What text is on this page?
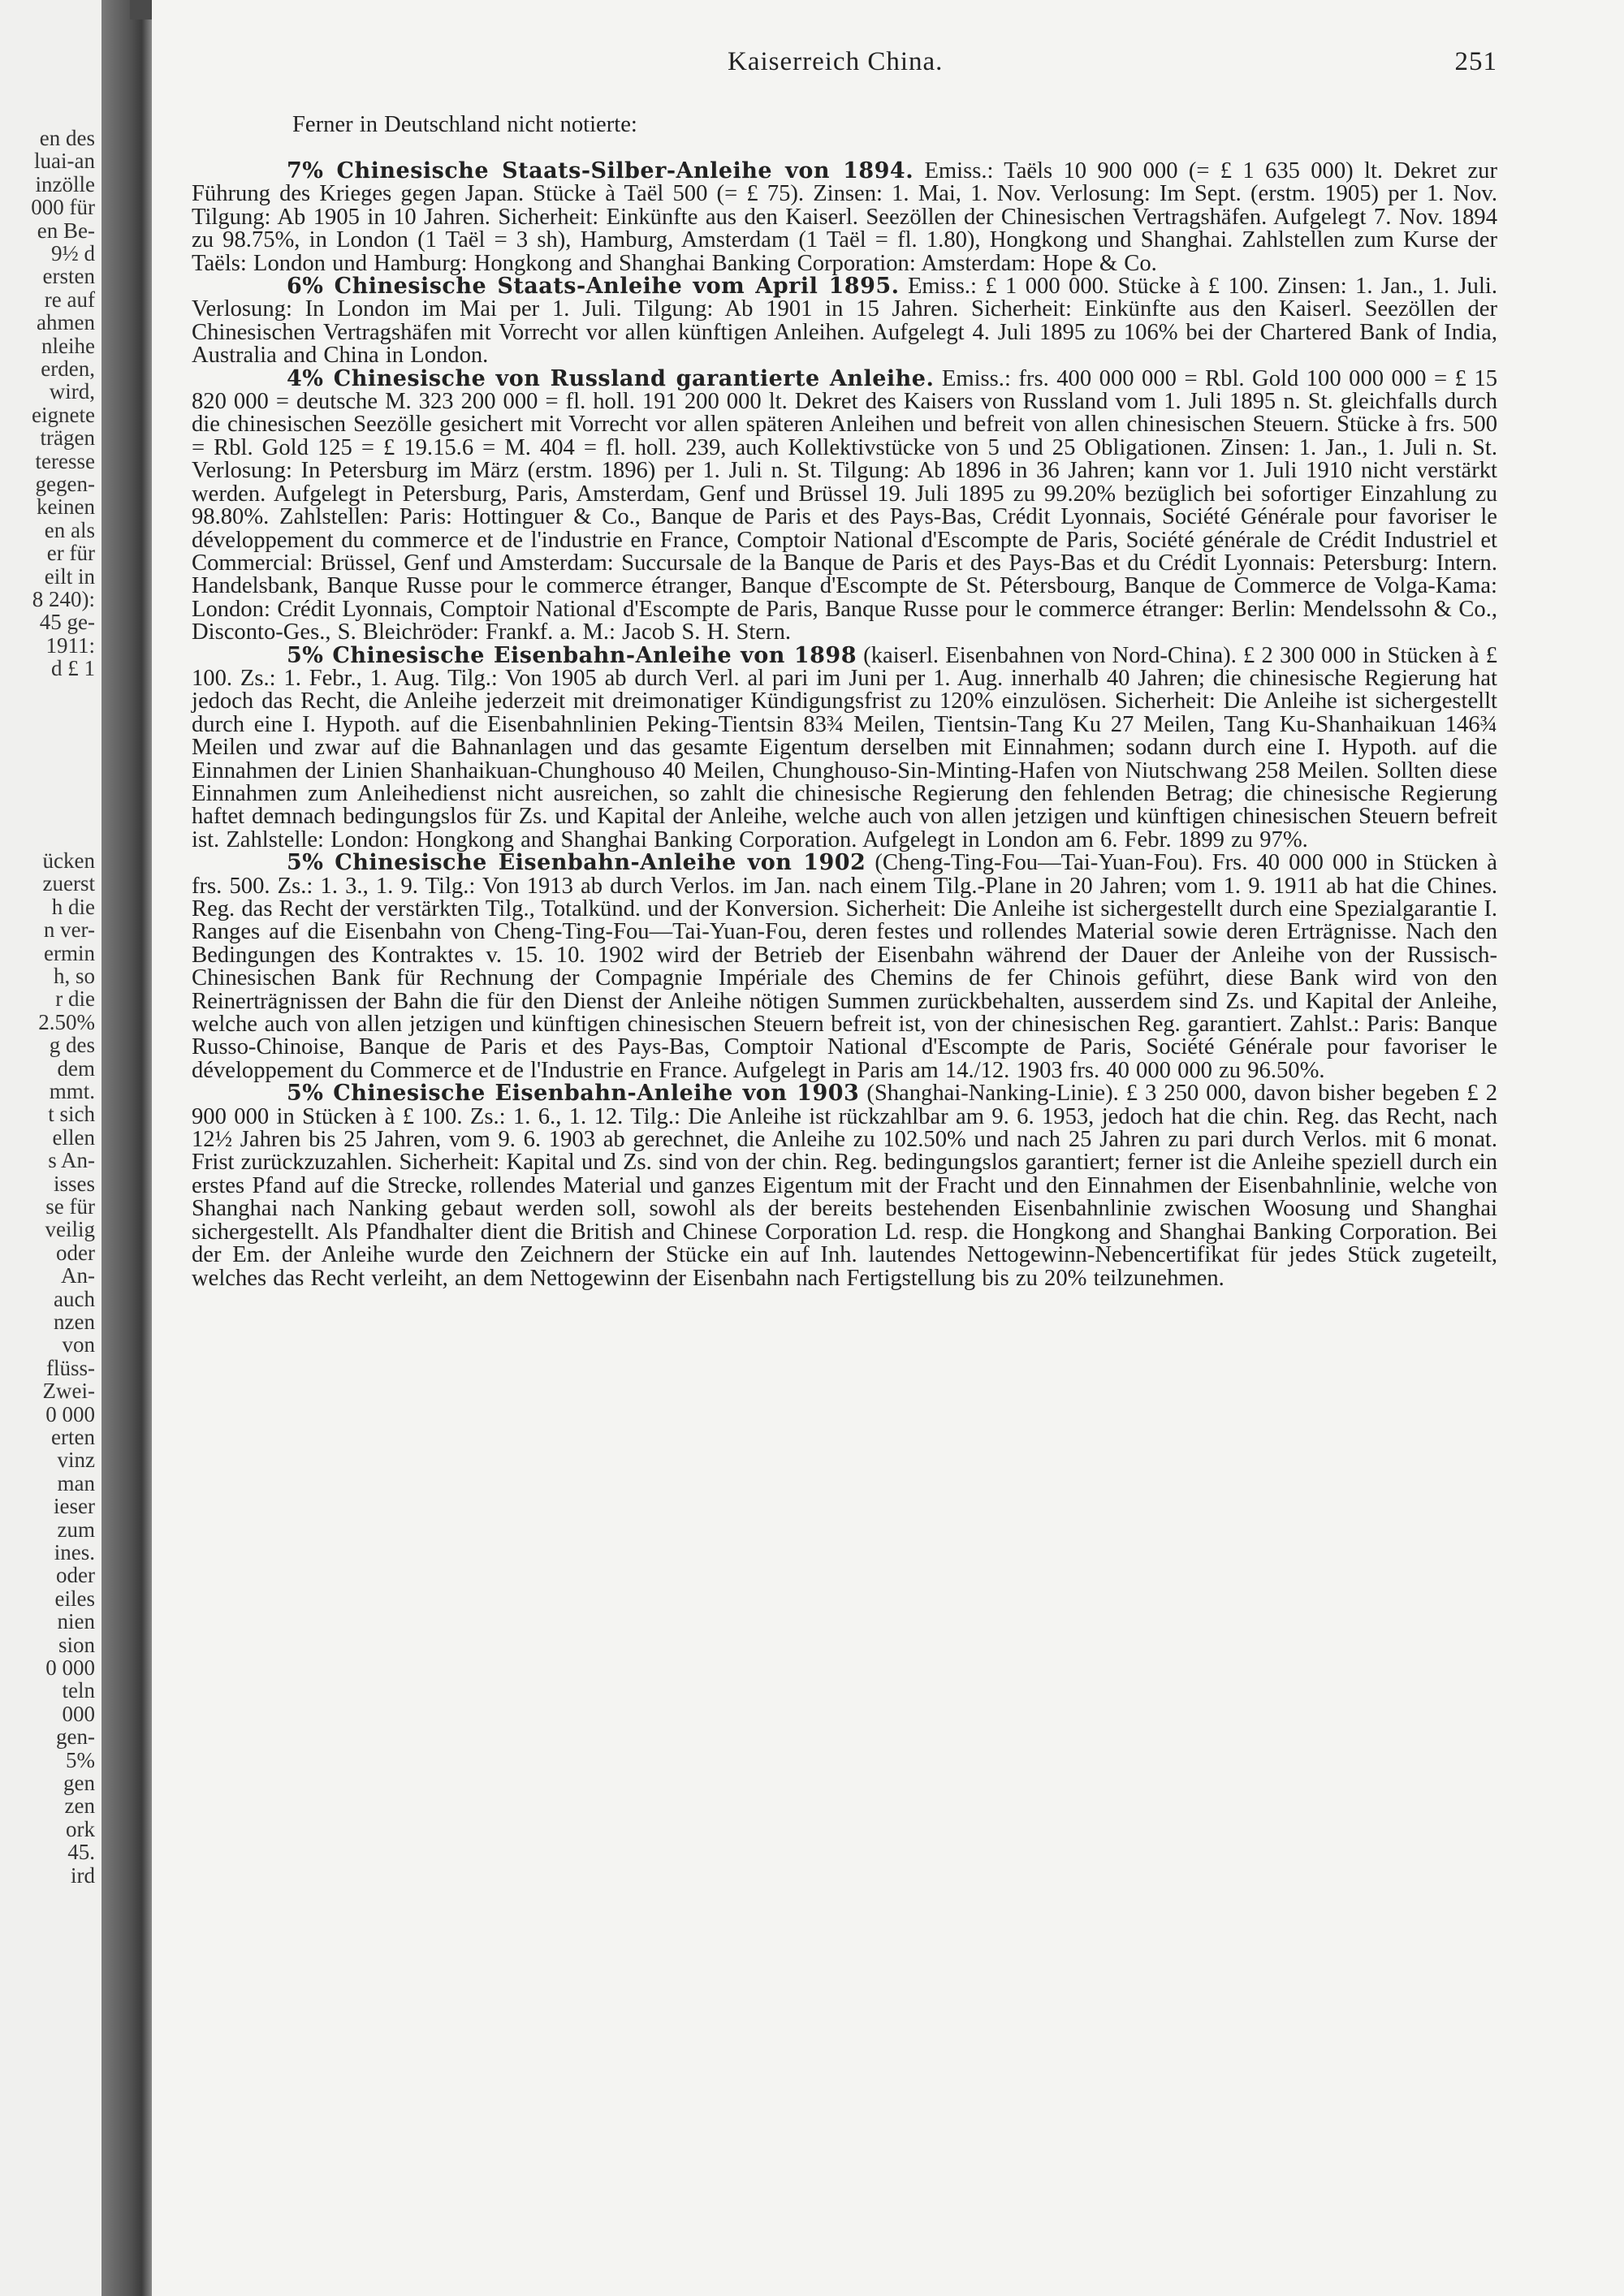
en des
luai-an
inzölle
000 für
en Be-
9½ d
ersten
re auf
ahmen
nleihe
erden,
wird,
eignete
trägen
teresse
gegen-
keinen
en als
er für
eilt in
8 240):
45 ge-
1911:
d £ 1
ücken
zuerst
h die
n ver-
ermin
h, so
r die
2.50%
g des
dem
mmt.
t sich
ellen
s An-
isses
se für
veilig
oder
An-
auch
nzen
von
flüss-
Zwei-
0 000
erten
vinz
man
ieser
zum
ines.
oder
eiles
nien
sion
0 000
teln
000
gen-
5%
gen
zen
ork
45.
ird
Kaiserreich China.	251

Ferner in Deutschland nicht notierte:

7% Chinesische Staats-Silber-Anleihe von 1894. Emiss.: Taëls 10 900 000 (= £ 1 635 000) lt. Dekret zur Führung des Krieges gegen Japan. Stücke à Taël 500 (= £ 75). Zinsen: 1. Mai, 1. Nov. Verlosung: Im Sept. (erstm. 1905) per 1. Nov. Tilgung: Ab 1905 in 10 Jahren. Sicherheit: Einkünfte aus den Kaiserl. Seezöllen der Chinesischen Vertragshäfen. Aufgelegt 7. Nov. 1894 zu 98.75%, in London (1 Taël = 3 sh), Hamburg, Amsterdam (1 Taël = fl. 1.80), Hongkong und Shanghai. Zahlstellen zum Kurse der Taëls: London und Hamburg: Hongkong and Shanghai Banking Corporation: Amsterdam: Hope & Co.

6% Chinesische Staats-Anleihe vom April 1895. Emiss.: £ 1 000 000. Stücke à £ 100. Zinsen: 1. Jan., 1. Juli. Verlosung: In London im Mai per 1. Juli. Tilgung: Ab 1901 in 15 Jahren. Sicherheit: Einkünfte aus den Kaiserl. Seezöllen der Chinesischen Vertragshäfen mit Vorrecht vor allen künftigen Anleihen. Aufgelegt 4. Juli 1895 zu 106% bei der Chartered Bank of India, Australia and China in London.

4% Chinesische von Russland garantierte Anleihe. Emiss.: frs. 400 000 000 = Rbl. Gold 100 000 000 = £ 15 820 000 = deutsche M. 323 200 000 = fl. holl. 191 200 000 lt. Dekret des Kaisers von Russland vom 1. Juli 1895 n. St. gleichfalls durch die chinesischen Seezölle gesichert mit Vorrecht vor allen späteren Anleihen und befreit von allen chinesischen Steuern. Stücke à frs. 500 = Rbl. Gold 125 = £ 19.15.6 = M. 404 = fl. holl. 239, auch Kollektivstücke von 5 und 25 Obligationen. Zinsen: 1. Jan., 1. Juli n. St. Verlosung: In Petersburg im März (erstm. 1896) per 1. Juli n. St. Tilgung: Ab 1896 in 36 Jahren; kann vor 1. Juli 1910 nicht verstärkt werden. Aufgelegt in Petersburg, Paris, Amsterdam, Genf und Brüssel 19. Juli 1895 zu 99.20% bezüglich bei sofortiger Einzahlung zu 98.80%. Zahlstellen: Paris: Hottinguer & Co., Banque de Paris et des Pays-Bas, Crédit Lyonnais, Société Générale pour favoriser le développement du commerce et de l'industrie en France, Comptoir National d'Escompte de Paris, Société générale de Crédit Industriel et Commercial: Brüssel, Genf und Amsterdam: Succursale de la Banque de Paris et des Pays-Bas et du Crédit Lyonnais: Petersburg: Intern. Handelsbank, Banque Russe pour le commerce étranger, Banque d'Escompte de St. Pétersbourg, Banque de Commerce de Volga-Kama: London: Crédit Lyonnais, Comptoir National d'Escompte de Paris, Banque Russe pour le commerce étranger: Berlin: Mendelssohn & Co., Disconto-Ges., S. Bleichröder: Frankf. a. M.: Jacob S. H. Stern.

5% Chinesische Eisenbahn-Anleihe von 1898 (kaiserl. Eisenbahnen von Nord-China). £ 2 300 000 in Stücken à £ 100. Zs.: 1. Febr., 1. Aug. Tilg.: Von 1905 ab durch Verl. al pari im Juni per 1. Aug. innerhalb 40 Jahren; die chinesische Regierung hat jedoch das Recht, die Anleihe jederzeit mit dreimonatiger Kündigungsfrist zu 120% einzulösen. Sicherheit: Die Anleihe ist sichergestellt durch eine I. Hypoth. auf die Eisenbahnlinien Peking-Tientsin 83¾ Meilen, Tientsin-Tang Ku 27 Meilen, Tang Ku-Shanhaikuan 146¾ Meilen und zwar auf die Bahnanlagen und das gesamte Eigentum derselben mit Einnahmen; sodann durch eine I. Hypoth. auf die Einnahmen der Linien Shanhaikuan-Chunghouso 40 Meilen, Chunghouso-Sin-Minting-Hafen von Niutschwang 258 Meilen. Sollten diese Einnahmen zum Anleihedienst nicht ausreichen, so zahlt die chinesische Regierung den fehlenden Betrag; die chinesische Regierung haftet demnach bedingungslos für Zs. und Kapital der Anleihe, welche auch von allen jetzigen und künftigen chinesischen Steuern befreit ist. Zahlstelle: London: Hongkong and Shanghai Banking Corporation. Aufgelegt in London am 6. Febr. 1899 zu 97%.

5% Chinesische Eisenbahn-Anleihe von 1902 (Cheng-Ting-Fou—Tai-Yuan-Fou). Frs. 40 000 000 in Stücken à frs. 500. Zs.: 1. 3., 1. 9. Tilg.: Von 1913 ab durch Verlos. im Jan. nach einem Tilg.-Plane in 20 Jahren; vom 1. 9. 1911 ab hat die Chines. Reg. das Recht der verstärkten Tilg., Totalkünd. und der Konversion. Sicherheit: Die Anleihe ist sichergestellt durch eine Spezialgarantie I. Ranges auf die Eisenbahn von Cheng-Ting-Fou—Tai-Yuan-Fou, deren festes und rollendes Material sowie deren Erträgnisse. Nach den Bedingungen des Kontraktes v. 15. 10. 1902 wird der Betrieb der Eisenbahn während der Dauer der Anleihe von der Russisch-Chinesischen Bank für Rechnung der Compagnie Impériale des Chemins de fer Chinois geführt, diese Bank wird von den Reinerträgnissen der Bahn die für den Dienst der Anleihe nötigen Summen zurückbehalten, ausserdem sind Zs. und Kapital der Anleihe, welche auch von allen jetzigen und künftigen chinesischen Steuern befreit ist, von der chinesischen Reg. garantiert. Zahlst.: Paris: Banque Russo-Chinoise, Banque de Paris et des Pays-Bas, Comptoir National d'Escompte de Paris, Société Générale pour favoriser le développement du Commerce et de l'Industrie en France. Aufgelegt in Paris am 14./12. 1903 frs. 40 000 000 zu 96.50%.

5% Chinesische Eisenbahn-Anleihe von 1903 (Shanghai-Nanking-Linie). £ 3 250 000, davon bisher begeben £ 2 900 000 in Stücken à £ 100. Zs.: 1. 6., 1. 12. Tilg.: Die Anleihe ist rückzahlbar am 9. 6. 1953, jedoch hat die chin. Reg. das Recht, nach 12½ Jahren bis 25 Jahren, vom 9. 6. 1903 ab gerechnet, die Anleihe zu 102.50% und nach 25 Jahren zu pari durch Verlos. mit 6 monat. Frist zurückzuzahlen. Sicherheit: Kapital und Zs. sind von der chin. Reg. bedingungslos garantiert; ferner ist die Anleihe speziell durch ein erstes Pfand auf die Strecke, rollendes Material und ganzes Eigentum mit der Fracht und den Einnahmen der Eisenbahnlinie, welche von Shanghai nach Nanking gebaut werden soll, sowohl als der bereits bestehenden Eisenbahnlinie zwischen Woosung und Shanghai sichergestellt. Als Pfandhalter dient die British and Chinese Corporation Ld. resp. die Hongkong and Shanghai Banking Corporation. Bei der Em. der Anleihe wurde den Zeichnern der Stücke ein auf Inh. lautendes Nettogewinn-Nebencertifikat für jedes Stück zugeteilt, welches das Recht verleiht, an dem Nettogewinn der Eisenbahn nach Fertigstellung bis zu 20% teilzunehmen.
